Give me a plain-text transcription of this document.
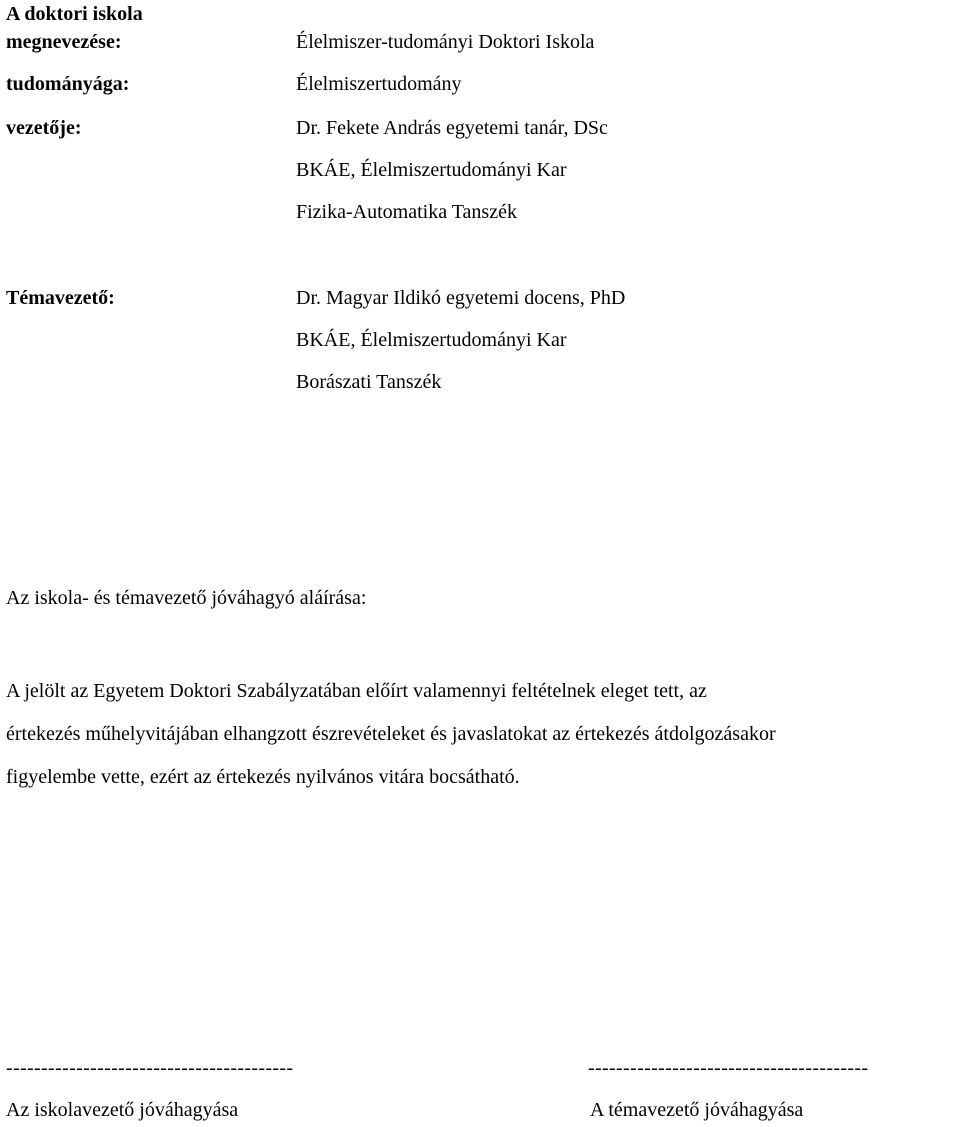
A doktori iskola
megnevezése:	Élelmiszer-tudományi Doktori Iskola
tudományága:	Élelmiszertudomány
vezetője:	Dr. Fekete András egyetemi tanár, DSc
BKÁE, Élelmiszertudományi Kar
Fizika-Automatika Tanszék
Témavezető:	Dr. Magyar Ildikó egyetemi docens, PhD
BKÁE, Élelmiszertudományi Kar
Borászati Tanszék
Az iskola- és témavezető jóváhagyó aláírása:
A jelölt az Egyetem Doktori Szabályzatában előírt valamennyi feltételnek eleget tett, az
értekezés műhelyvitájában elhangzott észrevételeket és javaslatokat az értekezés átdolgozásakor
figyelembe vette, ezért az értekezés nyilvános vitára bocsátható.
-----------------------------------------	----------------------------------------
Az iskolavezető jóváhagyása	A témavezető jóváhagyása
